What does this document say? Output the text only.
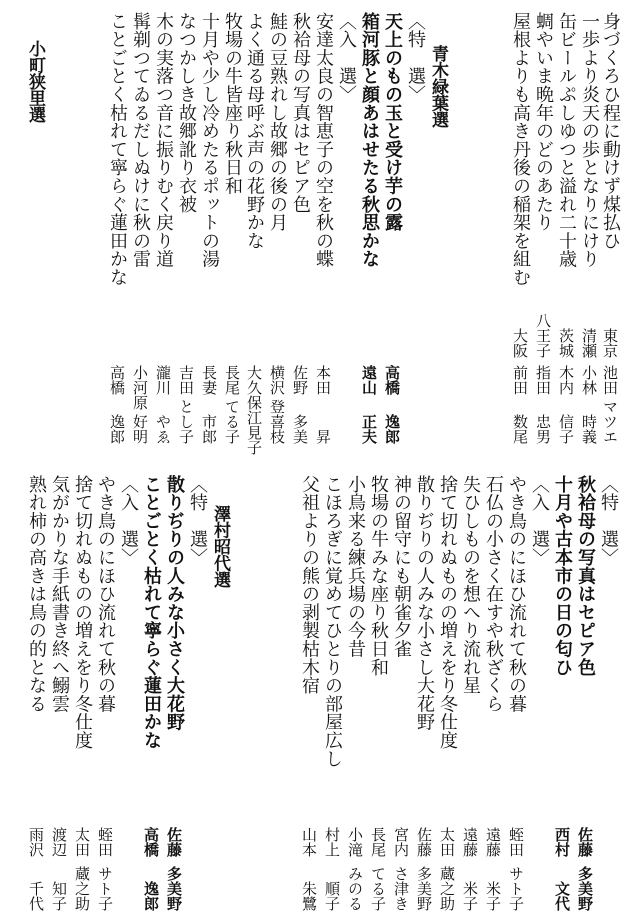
身づくろひ程に動けず煤払ひ
東京
池田
マツエ
一歩より炎天の歩となりにけり
清瀬
小林
時義
缶ビールぷしゆつと溢れ二十歳
茨城
木内
信子
蜩やいま晩年のどのあたり
八王子
指田
忠男
屋根よりも高き丹後の稲架を組む
大阪
前田
数尾
青木緑葉選
〈特　選〉
天上のもの玉と受け芋の露
高橋
逸郎
箱河豚と顔あはせたる秋思かな
遠山
正夫
〈入　選〉
安達太良の智恵子の空を秋の蝶
本田
昇
秋袷母の写真はセピア色
佐野
多美
鮭の豆熟れし故郷の後の月
横沢
登喜枝
よく通る母呼ぶ声の花野かな
大久保
江見子
牧場の牛皆座り秋日和
長尾
てる子
十月や少し冷めたるポットの湯
長妻
市郎
なつかしき故郷訛り衣被
吉田
とし子
木の実落つ音に振りむく戻り道
瀧川
やゑ
髯剃つてゐるだしぬけに秋の雷
小河原
好明
ことごとく枯れて寧らぐ蓮田かな
高橋
逸郎
小町狭里選
〈特　選〉
秋袷母の写真はセピア色
佐藤
多美野
十月や古本市の日の匂ひ
西村
文代
〈入　選〉
やき鳥のにほひ流れて秋の暮
蛭田
サト子
石仏の小さく在すや秋ざくら
遠藤
米子
失ひしものを想へり流れ星
遠藤
米子
捨て切れぬものの増えをり冬仕度
太田
蔵之助
散りぢりの人みな小さし大花野
佐藤
多美野
神の留守にも朝雀夕雀
宮内
さ津き
牧場の牛みな座り秋日和
長尾
てる子
小鳥来る練兵場の今昔
小滝
みのる
こほろぎに覚めてひとりの部屋広し
村上
順子
父祖よりの熊の剥製枯木宿
山本
朱鷺
澤村昭代選
〈特　選〉
散りぢりの人みな小さく大花野
佐藤
多美野
ことごとく枯れて寧らぐ蓮田かな
高橋
逸郎
〈入　選〉
やき鳥のにほひ流れて秋の暮
蛭田
サト子
捨て切れぬものの増えをり冬仕度
太田
蔵之助
気がかりな手紙書き終へ鰯雲
渡辺
知子
熟れ柿の高きは鳥の的となる
雨沢
千代
